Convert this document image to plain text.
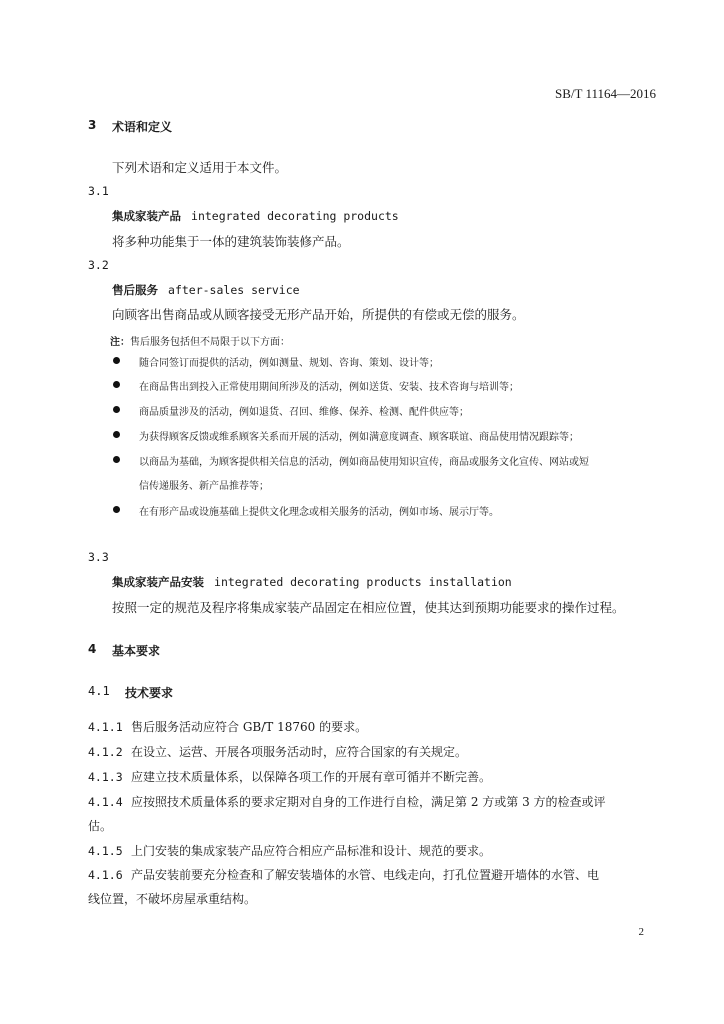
SB/T 11164—2016
3 术语和定义
下列术语和定义适用于本文件。
3.1
集成家装产品 integrated decorating products
将多种功能集于一体的建筑装饰装修产品。
3.2
售后服务 after-sales service
向顾客出售商品或从顾客接受无形产品开始，所提供的有偿或无偿的服务。
注：售后服务包括但不局限于以下方面：
随合同签订而提供的活动，例如测量、规划、咨询、策划、设计等；
在商品售出到投入正常使用期间所涉及的活动，例如送货、安装、技术咨询与培训等；
商品质量涉及的活动，例如退货、召回、维修、保养、检测、配件供应等；
为获得顾客反馈或维系顾客关系而开展的活动，例如满意度调查、顾客联谊、商品使用情况跟踪等；
以商品为基础，为顾客提供相关信息的活动，例如商品使用知识宣传，商品或服务文化宣传、网站或短
信传递服务、新产品推荐等；
在有形产品或设施基础上提供文化理念或相关服务的活动，例如市场、展示厅等。
3.3
集成家装产品安装 integrated decorating products installation
按照一定的规范及程序将集成家装产品固定在相应位置，使其达到预期功能要求的操作过程。
4 基本要求
4.1 技术要求
4.1.1 售后服务活动应符合 GB/T 18760 的要求。
4.1.2 在设立、运营、开展各项服务活动时，应符合国家的有关规定。
4.1.3 应建立技术质量体系，以保障各项工作的开展有章可循并不断完善。
4.1.4 应按照技术质量体系的要求定期对自身的工作进行自检，满足第 2 方或第 3 方的检查或评
估。
4.1.5 上门安装的集成家装产品应符合相应产品标准和设计、规范的要求。
4.1.6 产品安装前要充分检查和了解安装墙体的水管、电线走向，打孔位置避开墙体的水管、电
线位置，不破坏房屋承重结构。
2
